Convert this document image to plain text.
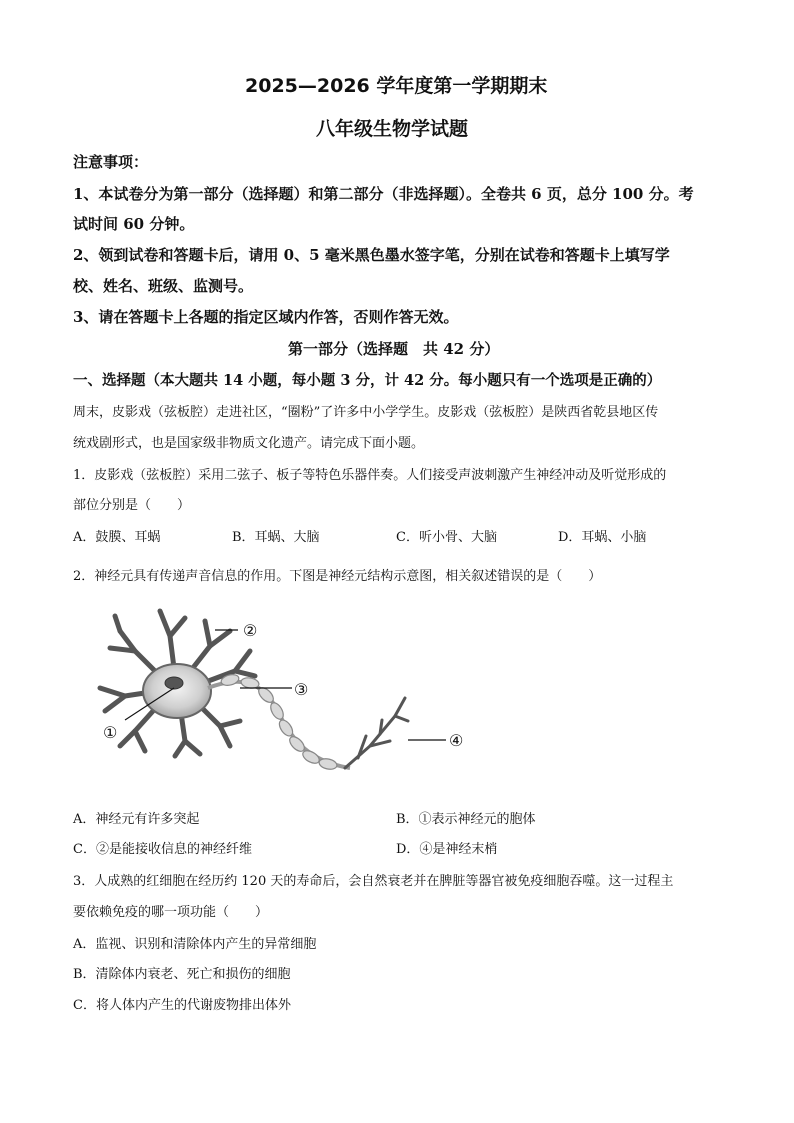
2025—2026 学年度第一学期期末
八年级生物学试题
注意事项：
1、本试卷分为第一部分（选择题）和第二部分（非选择题）。全卷共 6 页，总分 100 分。考
试时间 60 分钟。
2、领到试卷和答题卡后，请用 0、5 毫米黑色墨水签字笔，分别在试卷和答题卡上填写学
校、姓名、班级、监测号。
3、请在答题卡上各题的指定区域内作答，否则作答无效。
第一部分（选择题　共 42 分）
一、选择题（本大题共 14 小题，每小题 3 分，计 42 分。每小题只有一个选项是正确的）
周末，皮影戏（弦板腔）走进社区，“圈粉”了许多中小学学生。皮影戏（弦板腔）是陕西省乾县地区传
统戏剧形式，也是国家级非物质文化遗产。请完成下面小题。
1．皮影戏（弦板腔）采用二弦子、板子等特色乐器伴奏。人们接受声波刺激产生神经冲动及听觉形成的
部位分别是（　　）
A．鼓膜、耳蜗	B．耳蜗、大脑	C．听小骨、大脑	D．耳蜗、小脑
2．神经元具有传递声音信息的作用。下图是神经元结构示意图，相关叙述错误的是（　　）
②
③
①	④
A．神经元有许多突起	B．①表示神经元的胞体
C．②是能接收信息的神经纤维	D．④是神经末梢
3．人成熟的红细胞在经历约 120 天的寿命后，会自然衰老并在脾脏等器官被免疫细胞吞噬。这一过程主
要依赖免疫的哪一项功能（　　）
A．监视、识别和清除体内产生的异常细胞
B．清除体内衰老、死亡和损伤的细胞
C．将人体内产生的代谢废物排出体外
